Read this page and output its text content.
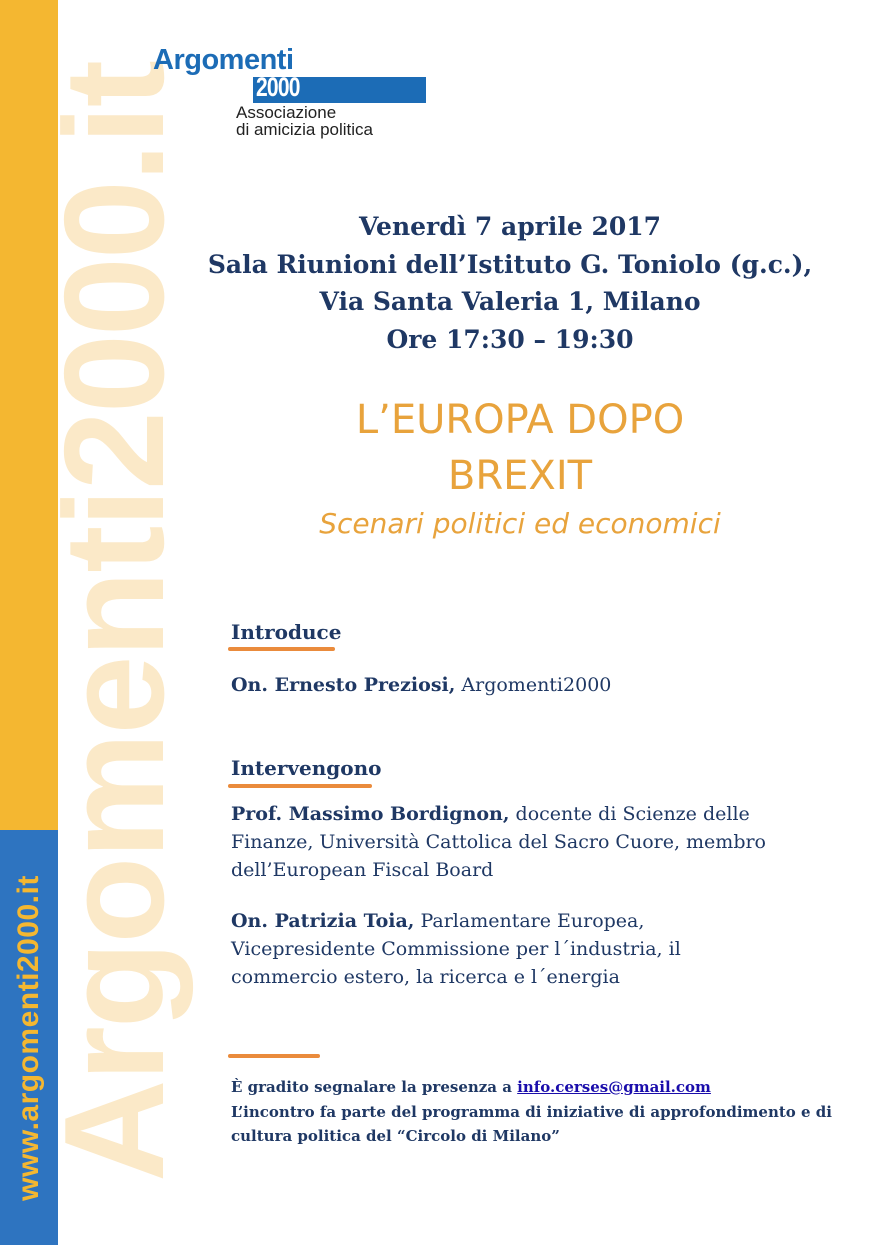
Argomenti2000.it
www.argomenti2000.it
Argomenti
2000
Associazione
di amicizia politica
Venerdì 7 aprile 2017
Sala Riunioni dell’Istituto G. Toniolo (g.c.),
Via Santa Valeria 1, Milano
Ore 17:30 – 19:30
L’EUROPA DOPO
BREXIT
Scenari politici ed economici
Introduce
On. Ernesto Preziosi, Argomenti2000
Intervengono
Prof. Massimo Bordignon, docente di Scienze delle Finanze, Università Cattolica del Sacro Cuore, membro dell’European Fiscal Board
On. Patrizia Toia, Parlamentare Europea, Vicepresidente Commissione per l´industria, il commercio estero, la ricerca e l´energia
È gradito segnalare la presenza a info.cerses@gmail.com
L’incontro fa parte del programma di iniziative di approfondimento e di cultura politica del “Circolo di Milano”
